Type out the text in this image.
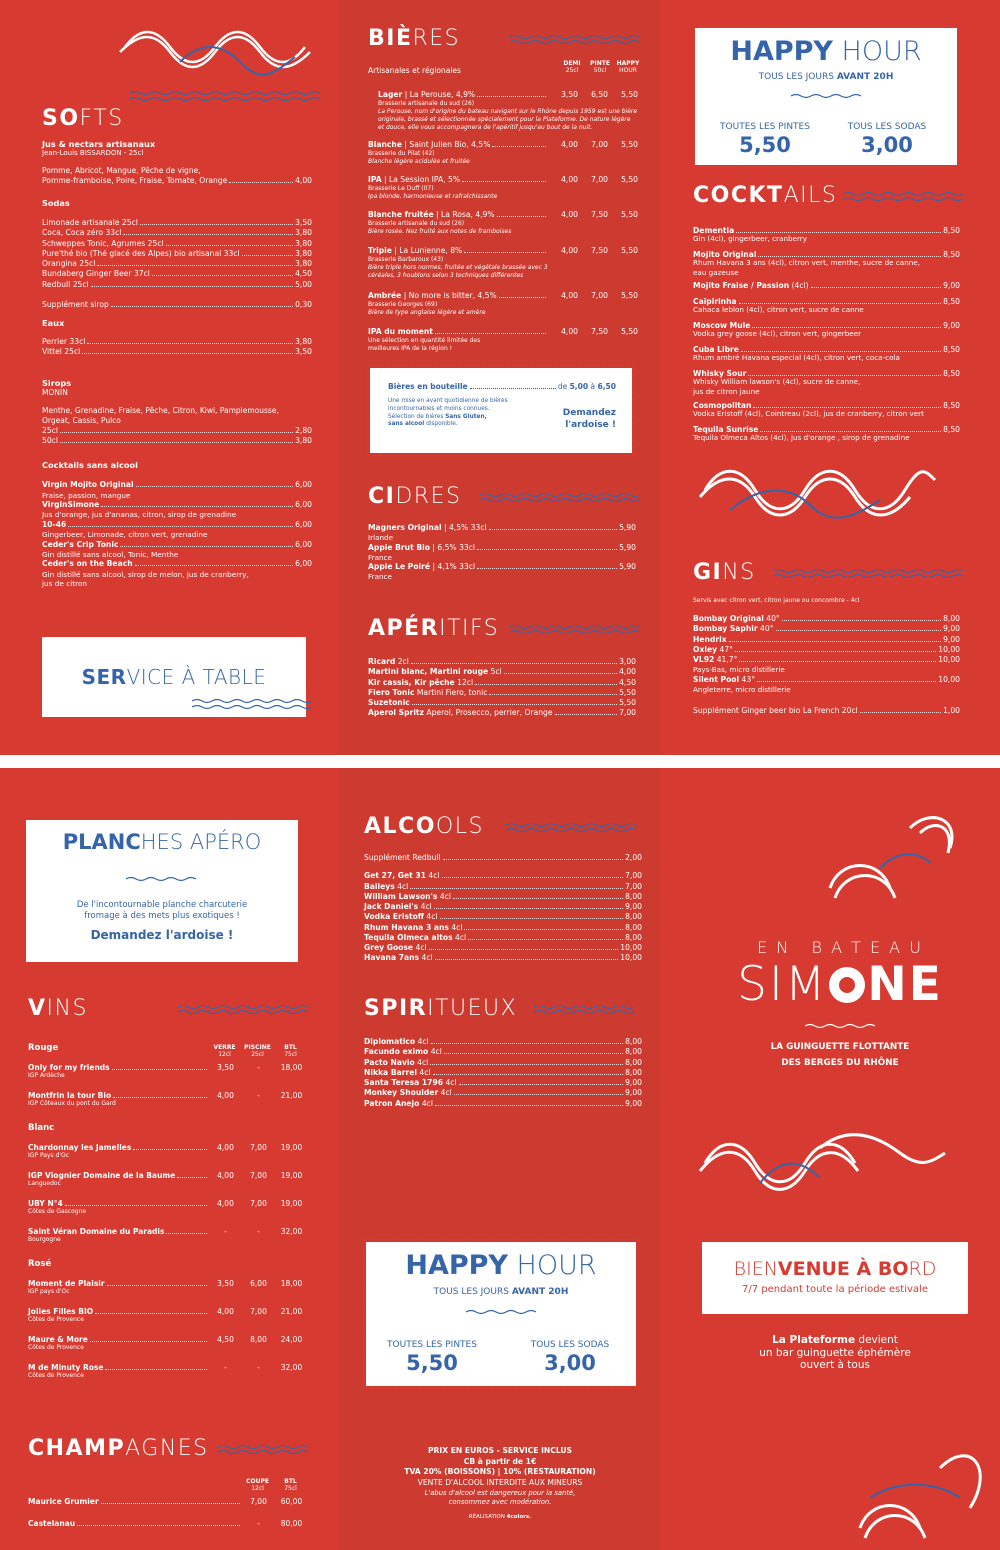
SOFTS
Jus & nectars artisanaux
Jean-Louis BISSARDON - 25cl
Pomme, Abricot, Mangue, Pêche de vigne,
Pomme-framboise, Poire, Fraise, Tomate, Orange	4,00
Sodas
Limonade artisanale 25cl	3,50
Coca, Coca zéro 33cl	3,80
Schweppes Tonic, Agrumes 25cl	3,80
Pure'thé bio (Thé glacé des Alpes) bio artisanal 33cl	3,80
Orangina 25cl	3,80
Bundaberg Ginger Beer 37cl	4,50
Redbull 25cl	5,00
Supplément sirop	0,30
Eaux
Perrier 33cl	3,80
Vittel 25cl	3,50
Sirops
MONIN
Menthe, Grenadine, Fraise, Pêche, Citron, Kiwi, Pamplemousse,
Orgeat, Cassis, Pulco
25cl	2,80
50cl	3,80
Cocktails sans alcool
Virgin Mojito Original	6,00
Fraise, passion, mangue
VirginSimone	6,00
Jus d'orange, jus d'ananas, citron, sirop de grenadine
10-46	6,00
Gingerbeer, Limonade, citron vert, grenadine
Ceder's Crip Tonic	6,00
Gin distillé sans alcool, Tonic, Menthe
Ceder's on the Beach	6,00
Gin distillé sans alcool, sirop de melon, jus de cranberry,
jus de citron
SERVICE À TABLE
BIÈRES
Artisanales et régionales
DEMI
25cl
PINTE
50cl
HAPPY
HOUR
Lager | La Perouse, 4,9%	3,50	6,50	5,50
Brasserie artisanale du sud (26)
La Perouse, nom d'origine du bateau navigant sur le Rhône depuis 1959 est une bière originale, brassé et sélectionnée spécialement pour la Plateforme. De nature légère et douce, elle vous accompagnera de l'apéritif jusqu'au bout de la nuit.
Blanche | Saint Julien Bio, 4,5%	4,00	7,00	5,50
Brasserie du Pilat (42)
Blanche légère acidulée et fruitée
IPA | La Session IPA, 5%	4,00	7,00	5,50
Brasserie Le Duff (07)
Ipa blonde, harmonieuse et rafraîchissante
Blanche fruitée | La Rosa, 4,9%	4,00	7,50	5,50
Brasserie artisanale du sud (26)
Bière rosée. Nez fruité aux notes de framboises
Tripie | La Lunienne, 8%	4,00	7,50	5,50
Brasserie Barbaroux (43)
Bière triple hors normes, fruitée et végétale brassée avec 3 céréales, 3 houblons selon 3 techniques différentes
Ambrée | No more is bitter, 4,5%	4,00	7,00	5,50
Brasserie Georges (69)
Bière de type anglaise légère et amère
IPA du moment	4,00	7,50	5,50
Une sélection en quantité limitée des
meilleures IPA de la région !
Bières en bouteille	de 5,00 à 6,50
Une mise en avant quotidienne de bières
incontournables et moins connues.
Sélection de bières Sans Gluten,
sans alcool disponible.
Demandez
l'ardoise !
CIDRES
Magners Original | 4,5% 33cl	5,90
Irlande
Appie Brut Bio | 6,5% 33cl	5,90
France
Appie Le Poiré | 4,1% 33cl	5,90
France
APÉRITIFS
Ricard 2cl	3,00
Martini blanc, Martini rouge 5cl	4,00
Kir cassis, Kir pêche 12cl	4,50
Fiero Tonic Martini Fiero, tonic	5,50
Suzetonic	5,50
Aperol Spritz Aperol, Prosecco, perrier, Orange	7,00
HAPPY HOUR
TOUS LES JOURS AVANT 20H
TOUTES LES PINTES
5,50
TOUS LES SODAS
3,00
COCKTAILS
Dementia	8,50
Gin (4cl), gingerbeer, cranberry
Mojito Original	8,50
Rhum Havana 3 ans (4cl), citron vert, menthe, sucre de canne,
eau gazeuse
Mojito Fraise / Passion (4cl)	9,00
Caïpirinha	8,50
Cahaca leblon (4cl), citron vert, sucre de canne
Moscow Mule	9,00
Vodka grey goose (4cl), citron vert, gingerbeer
Cuba Libre	8,50
Rhum ambré Havana especial (4cl), citron vert, coca-cola
Whisky Sour	8,50
Whisky William lawson's (4cl), sucre de canne,
jus de citron jaune
Cosmopolitan	8,50
Vodka Eristoff (4cl), Cointreau (2cl), jus de cranberry, citron vert
Tequila Sunrise	8,50
Tequila Olmeca Altos (4cl), jus d'orange , sirop de grenadine
GINS
Servis avec citron vert, citron jaune ou concombre - 4cl
Bombay Original 40°	8,00
Bombay Saphir 40°	9,00
Hendrix	9,00
Oxley 47°	10,00
VL92 41,7°	10,00
Pays-Bas, micro distillerie
Silent Pool 43°	10,00
Angleterre, micro distillerie
Supplément Ginger beer bio La French 20cl	1,00
PLANCHES APÉRO
De l'incontournable planche charcuterie
fromage à des mets plus exotiques !
Demandez l'ardoise !
VINS
VERRE
12cl
PISCINE
25cl
BTL
75cl
Rouge
Only for my friends	3,50	-	18,00
IGP Ardèche
Montfrin la tour Bio	4,00	-	21,00
IGP Côteaux du pont du Gard
Blanc
Chardonnay les Jamelles	4,00	7,00	19,00
IGP Pays d'Oc
IGP Viognier Domaine de la Baume	4,00	7,00	19,00
Languedoc
UBY N°4	4,00	7,00	19,00
Côtes de Gascogne
Saint Véran Domaine du Paradis	-	-	32,00
Bourgogne
Rosé
Moment de Plaisir	3,50	6,00	18,00
IGP pays d'Oc
Jolies Filles BIO	4,00	7,00	21,00
Côtes de Provence
Maure & More	4,50	8,00	24,00
Côtes de Provence
M de Minuty Rose	-	-	32,00
Côtes de Provence
CHAMPAGNES
COUPE
12cl
BTL
75cl
Maurice Grumier	7,00	60,00
Castelanau	-	80,00
ALCOOLS
Supplément Redbull	2,00
Get 27, Get 31 4cl	7,00
Baileys 4cl	7,00
William Lawson's 4cl	8,00
Jack Daniel's 4cl	9,00
Vodka Eristoff 4cl	8,00
Rhum Havana 3 ans 4cl	8,00
Tequila Olmeca altos 4cl	8,00
Grey Goose 4cl	10,00
Havana 7ans 4cl	10,00
SPIRITUEUX
Diplomatico 4cl	8,00
Facundo eximo 4cl	8,00
Pacto Navio 4cl	8,00
Nikka Barrel 4cl	8,00
Santa Teresa 1796 4cl	9,00
Monkey Shoulder 4cl	9,00
Patron Anejo 4cl	9,00
HAPPY HOUR
TOUS LES JOURS AVANT 20H
TOUTES LES PINTES
5,50
TOUS LES SODAS
3,00
PRIX EN EUROS - SERVICE INCLUS
CB à partir de 1€
TVA 20% (BOISSONS) | 10% (RESTAURATION)
VENTE D'ALCOOL INTERDITE AUX MINEURS
L'abus d'alcool est dangereux pour la santé,
consommez avec modération.
RÉALISATION 4colors.
E N   B A T E A U
SIM NE
LA GUINGUETTE FLOTTANTE
DES BERGES DU RHÔNE
BIENVENUE À BORD
7/7 pendant toute la période estivale
La Plateforme devient
un bar guinguette éphémère
ouvert à tous
